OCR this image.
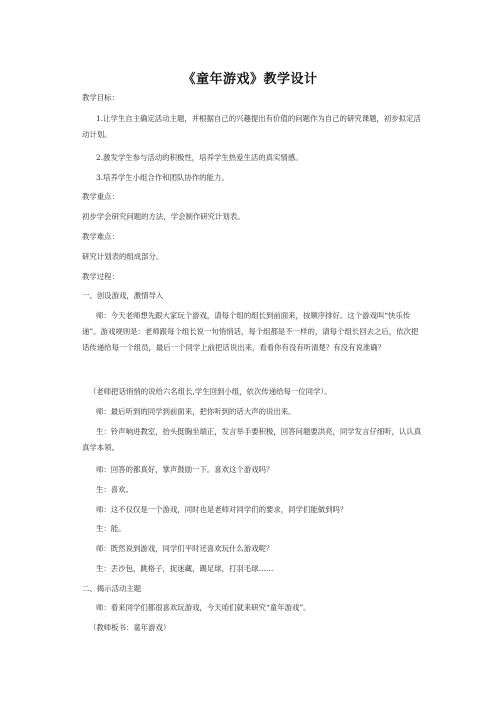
《童年游戏》教学设计
教学目标：
1.让学生自主确定活动主题，并根据自己的兴趣提出有价值的问题作为自己的研究课题，初步拟定活动计划。
2.激发学生参与活动的积极性，培养学生热爱生活的真实情感。
3.培养学生小组合作和团队协作的能力。
教学重点：
初步学会研究问题的方法，学会制作研究计划表。
教学难点：
研究计划表的组成部分。
教学过程：
一、创设游戏，激情导入
师：今天老师想先跟大家玩个游戏，请每个组的组长到前面来，按顺序排好。这个游戏叫“快乐传递”。游戏规则是：老师跟每个组长说一句悄悄话，每个组都是不一样的，请每个组长回去之后，依次把话传递给每一个组员，最后一个同学上前把话说出来，看看你有没有听清楚？有没有说准确？
（老师把话悄悄的说给六名组长,学生回到小组，依次传递给每一位同学）。
师：最后听到的同学到前面来，把你听到的话大声的说出来。
生：铃声响进教室，抬头挺胸坐端正，发言举手要积极，回答问题要洪亮，同学发言仔细听，认认真真学本领。
师：回答的都真好，掌声鼓励一下。喜欢这个游戏吗？
生：喜欢。
师：这不仅仅是一个游戏，同时也是老师对同学们的要求，同学们能做到吗？
生：能。
师：既然说到游戏，同学们平时还喜欢玩什么游戏呢？
生：丢沙包，跳格子，捉迷藏，踢足球，打羽毛球……
二、揭示活动主题
师：看来同学们都很喜欢玩游戏，今天咱们就来研究“童年游戏”。
（教师板书：童年游戏）
